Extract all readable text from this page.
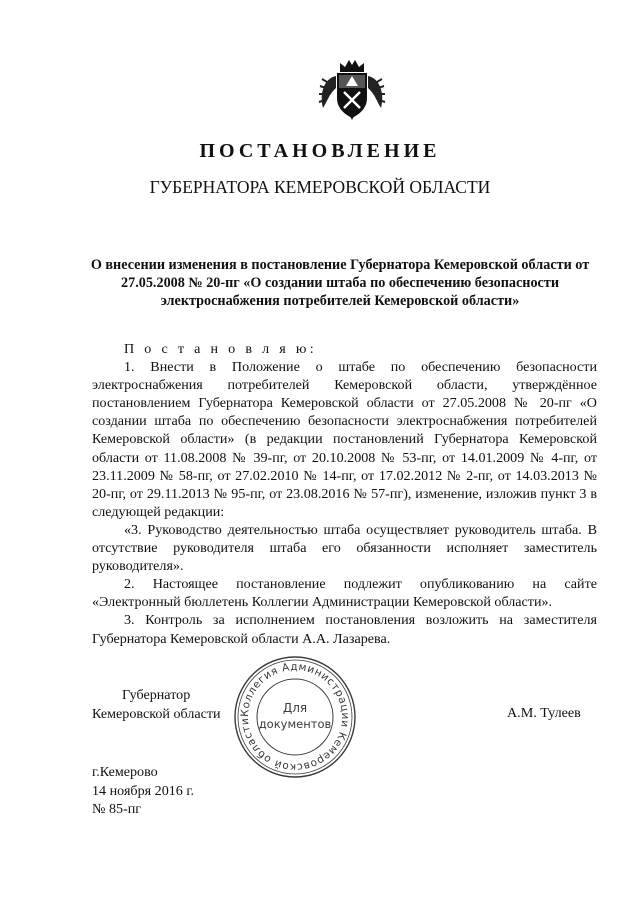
ПОСТАНОВЛЕНИЕ
ГУБЕРНАТОРА КЕМЕРОВСКОЙ ОБЛАСТИ
О внесении изменения в постановление Губернатора Кемеровской области от 27.05.2008 № 20-пг «О создании штаба по обеспечению безопасности электроснабжения потребителей Кемеровской области»

П о с т а н о в л я ю:

1. Внести в Положение о штабе по обеспечению безопасности электроснабжения потребителей Кемеровской области, утверждённое постановлением Губернатора Кемеровской области от 27.05.2008 № 20-пг «О создании штаба по обеспечению безопасности электроснабжения потребителей Кемеровской области» (в редакции постановлений Губернатора Кемеровской области от 11.08.2008 № 39-пг, от 20.10.2008 № 53-пг, от 14.01.2009 № 4-пг, от 23.11.2009 № 58-пг, от 27.02.2010 № 14-пг, от 17.02.2012 № 2-пг, от 14.03.2013 № 20-пг, от 29.11.2013 № 95-пг, от 23.08.2016 № 57-пг), изменение, изложив пункт 3 в следующей редакции:

«3. Руководство деятельностью штаба осуществляет руководитель штаба. В отсутствие руководителя штаба его обязанности исполняет заместитель руководителя».

2. Настоящее постановление подлежит опубликованию на сайте «Электронный бюллетень Коллегии Администрации Кемеровской области».

3. Контроль за исполнением постановления возложить на заместителя Губернатора Кемеровской области А.А. Лазарева.

Губернатор
Кемеровской области Коллегия Администрации Кемеровской области
Для
документов
А.М. Тулеев
г.Кемерово
14 ноября 2016 г.
№ 85-пг
